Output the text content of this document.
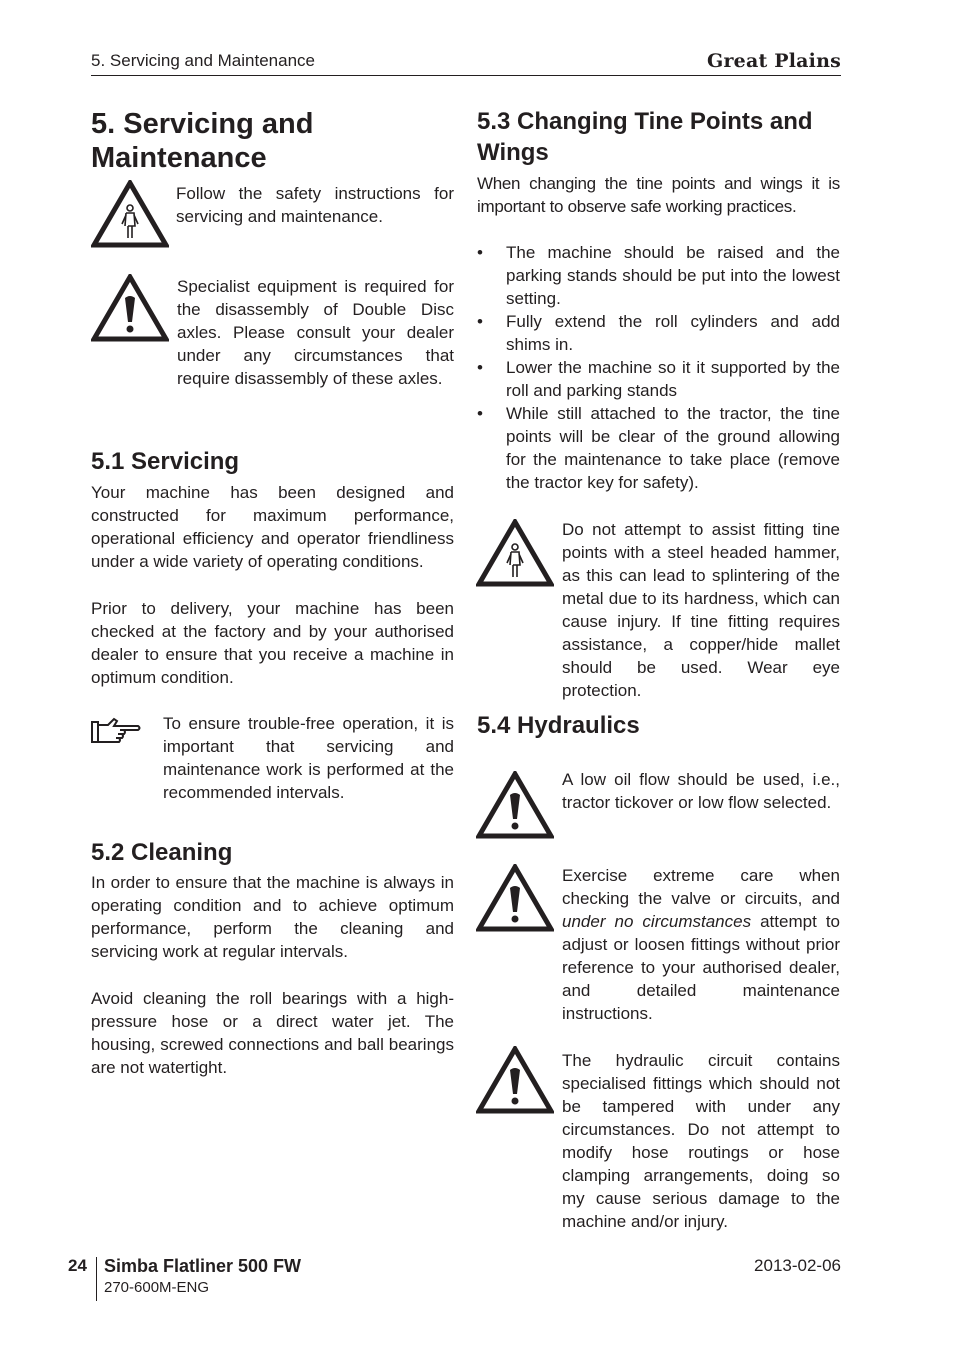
5. Servicing and Maintenance	Great Plains
5. Servicing and Maintenance
Follow the safety instructions for servicing and maintenance.
Specialist equipment is required for the disassembly of Double Disc axles. Please consult your dealer under any circumstances that require disassembly of these axles.
5.1 Servicing

Your machine has been designed and constructed for maximum performance, operational efficiency and operator friendliness under a wide variety of operating conditions.

Prior to delivery, your machine has been checked at the factory and by your authorised dealer to ensure that you receive a machine in optimum condition.

To ensure trouble-free operation, it is important that servicing and maintenance work is performed at the recommended intervals.
5.2 Cleaning

In order to ensure that the machine is always in operating condition and to achieve optimum performance, perform the cleaning and servicing work at regular intervals.

Avoid cleaning the roll bearings with a high-pressure hose or a direct water jet. The housing, screwed connections and ball bearings are not watertight.

5.3 Changing Tine Points and Wings

When changing the tine points and wings it is important to observe safe working practices.

• The machine should be raised and the parking stands should be put into the lowest setting.
• Fully extend the roll cylinders and add shims in.
• Lower the machine so it it supported by the roll and parking stands
• While still attached to the tractor, the tine points will be clear of the ground allowing for the maintenance to take place (remove the tractor key for safety).
Do not attempt to assist fitting tine points with a steel headed hammer, as this can lead to splintering of the metal due to its hardness, which can cause injury. If tine fitting requires assistance, a copper/hide mallet should be used. Wear eye protection.
5.4 Hydraulics
A low oil flow should be used, i.e., tractor tickover or low flow selected.
Exercise extreme care when checking the valve or circuits, and under no circumstances attempt to adjust or loosen fittings without prior reference to your authorised dealer, and detailed maintenance instructions.
The hydraulic circuit contains specialised fittings which should not be tampered with under any circumstances. Do not attempt to modify hose routings or hose clamping arrangements, doing so my cause serious damage to the machine and/or injury.
24 Simba Flatliner 500 FW
270-600M-ENG
2013-02-06
